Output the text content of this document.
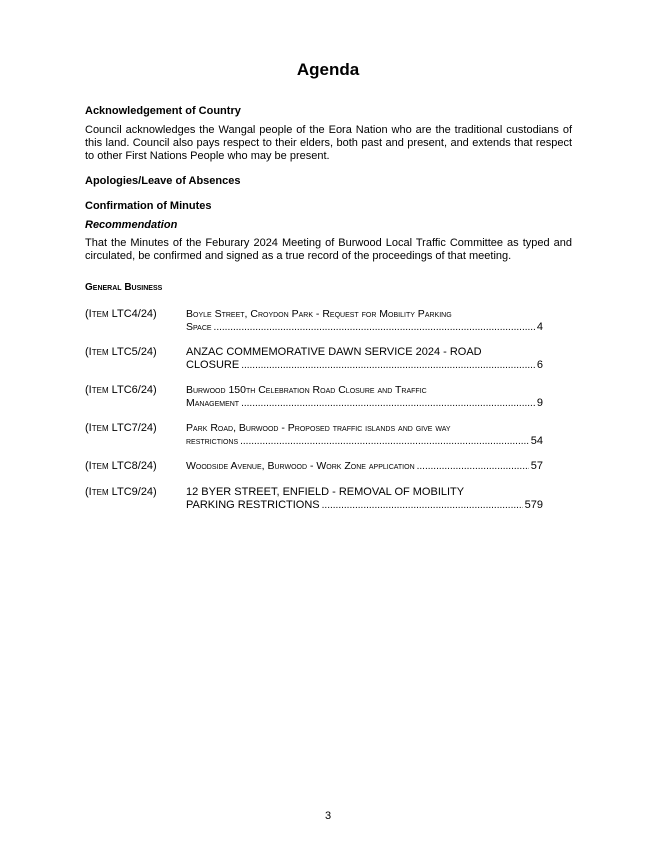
Agenda
Acknowledgement of Country

Council acknowledges the Wangal people of the Eora Nation who are the traditional custodians of this land. Council also pays respect to their elders, both past and present, and extends that respect to other First Nations People who may be present.

Apologies/Leave of Absences
Confirmation of Minutes
Recommendation

That the Minutes of the Feburary 2024 Meeting of Burwood Local Traffic Committee as typed and circulated, be confirmed and signed as a true record of the proceedings of that meeting.

General Business
(Item LTC4/24)	Boyle Street, Croydon Park - Request for Mobility Parking
Space .....	4
(Item LTC5/24)	ANZAC COMMEMORATIVE DAWN SERVICE 2024 - ROAD
CLOSURE .....	6
(Item LTC6/24)	Burwood 150th Celebration Road Closure and Traffic
Management .....	9
(Item LTC7/24)	Park Road, Burwood - Proposed traffic islands and give way
restrictions .....	54
(Item LTC8/24)	Woodside Avenue, Burwood - Work Zone application .....	57
(Item LTC9/24)	12 BYER STREET, ENFIELD - REMOVAL OF MOBILITY
PARKING RESTRICTIONS .....	579
3
